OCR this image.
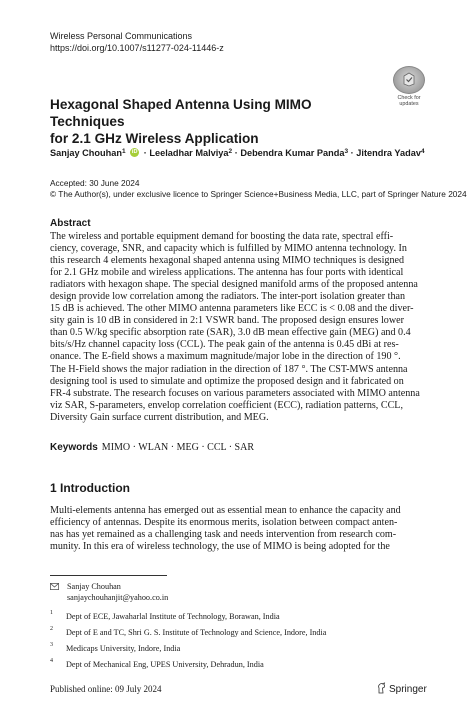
Wireless Personal Communications
https://doi.org/10.1007/s11277-024-11446-z
Check for
updates
Hexagonal Shaped Antenna Using MIMO Techniques
for 2.1 GHz Wireless Application
Sanjay Chouhan$^1$	iD · Leeladhar Malviya$^2$ · Debendra Kumar Panda$^3$ · Jitendra Yadav$^4$
Accepted: 30 June 2024
© The Author(s), under exclusive licence to Springer Science+Business Media, LLC, part of Springer Nature 2024
Abstract
The wireless and portable equipment demand for boosting the data rate, spectral effi-
ciency, coverage, SNR, and capacity which is fulfilled by MIMO antenna technology. In
this research 4 elements hexagonal shaped antenna using MIMO techniques is designed
for 2.1 GHz mobile and wireless applications. The antenna has four ports with identical
radiators with hexagon shape. The special designed manifold arms of the proposed antenna
design provide low correlation among the radiators. The inter-port isolation greater than
15 dB is achieved. The other MIMO antenna parameters like ECC is < 0.08 and the diver-
sity gain is 10 dB in considered in 2:1 VSWR band. The proposed design ensures lower
than 0.5 W/kg specific absorption rate (SAR), 3.0 dB mean effective gain (MEG) and 0.4
bits/s/Hz channel capacity loss (CCL). The peak gain of the antenna is 0.45 dBi at res-
onance. The E-field shows a maximum magnitude/major lobe in the direction of 190 °.
The H-Field shows the major radiation in the direction of 187 °. The CST-MWS antenna
designing tool is used to simulate and optimize the proposed design and it fabricated on
FR-4 substrate. The research focuses on various parameters associated with MIMO antenna
viz SAR, S-parameters, envelop correlation coefficient (ECC), radiation patterns, CCL,
Diversity Gain surface current distribution, and MEG.
Keywords MIMO · WLAN · MEG · CCL · SAR
1 Introduction
Multi-elements antenna has emerged out as essential mean to enhance the capacity and
efficiency of antennas. Despite its enormous merits, isolation between compact anten-
nas has yet remained as a challenging task and needs intervention from research com-
munity. In this era of wireless technology, the use of MIMO is being adopted for the
Sanjay Chouhan
sanjaychouhanjit@yahoo.co.in
1 Dept of ECE, Jawaharlal Institute of Technology, Borawan, India
2 Dept of E and TC, Shri G. S. Institute of Technology and Science, Indore, India
3 Medicaps University, Indore, India
4 Dept of Mechanical Eng, UPES University, Dehradun, India
Published online: 09 July 2024	Springer
